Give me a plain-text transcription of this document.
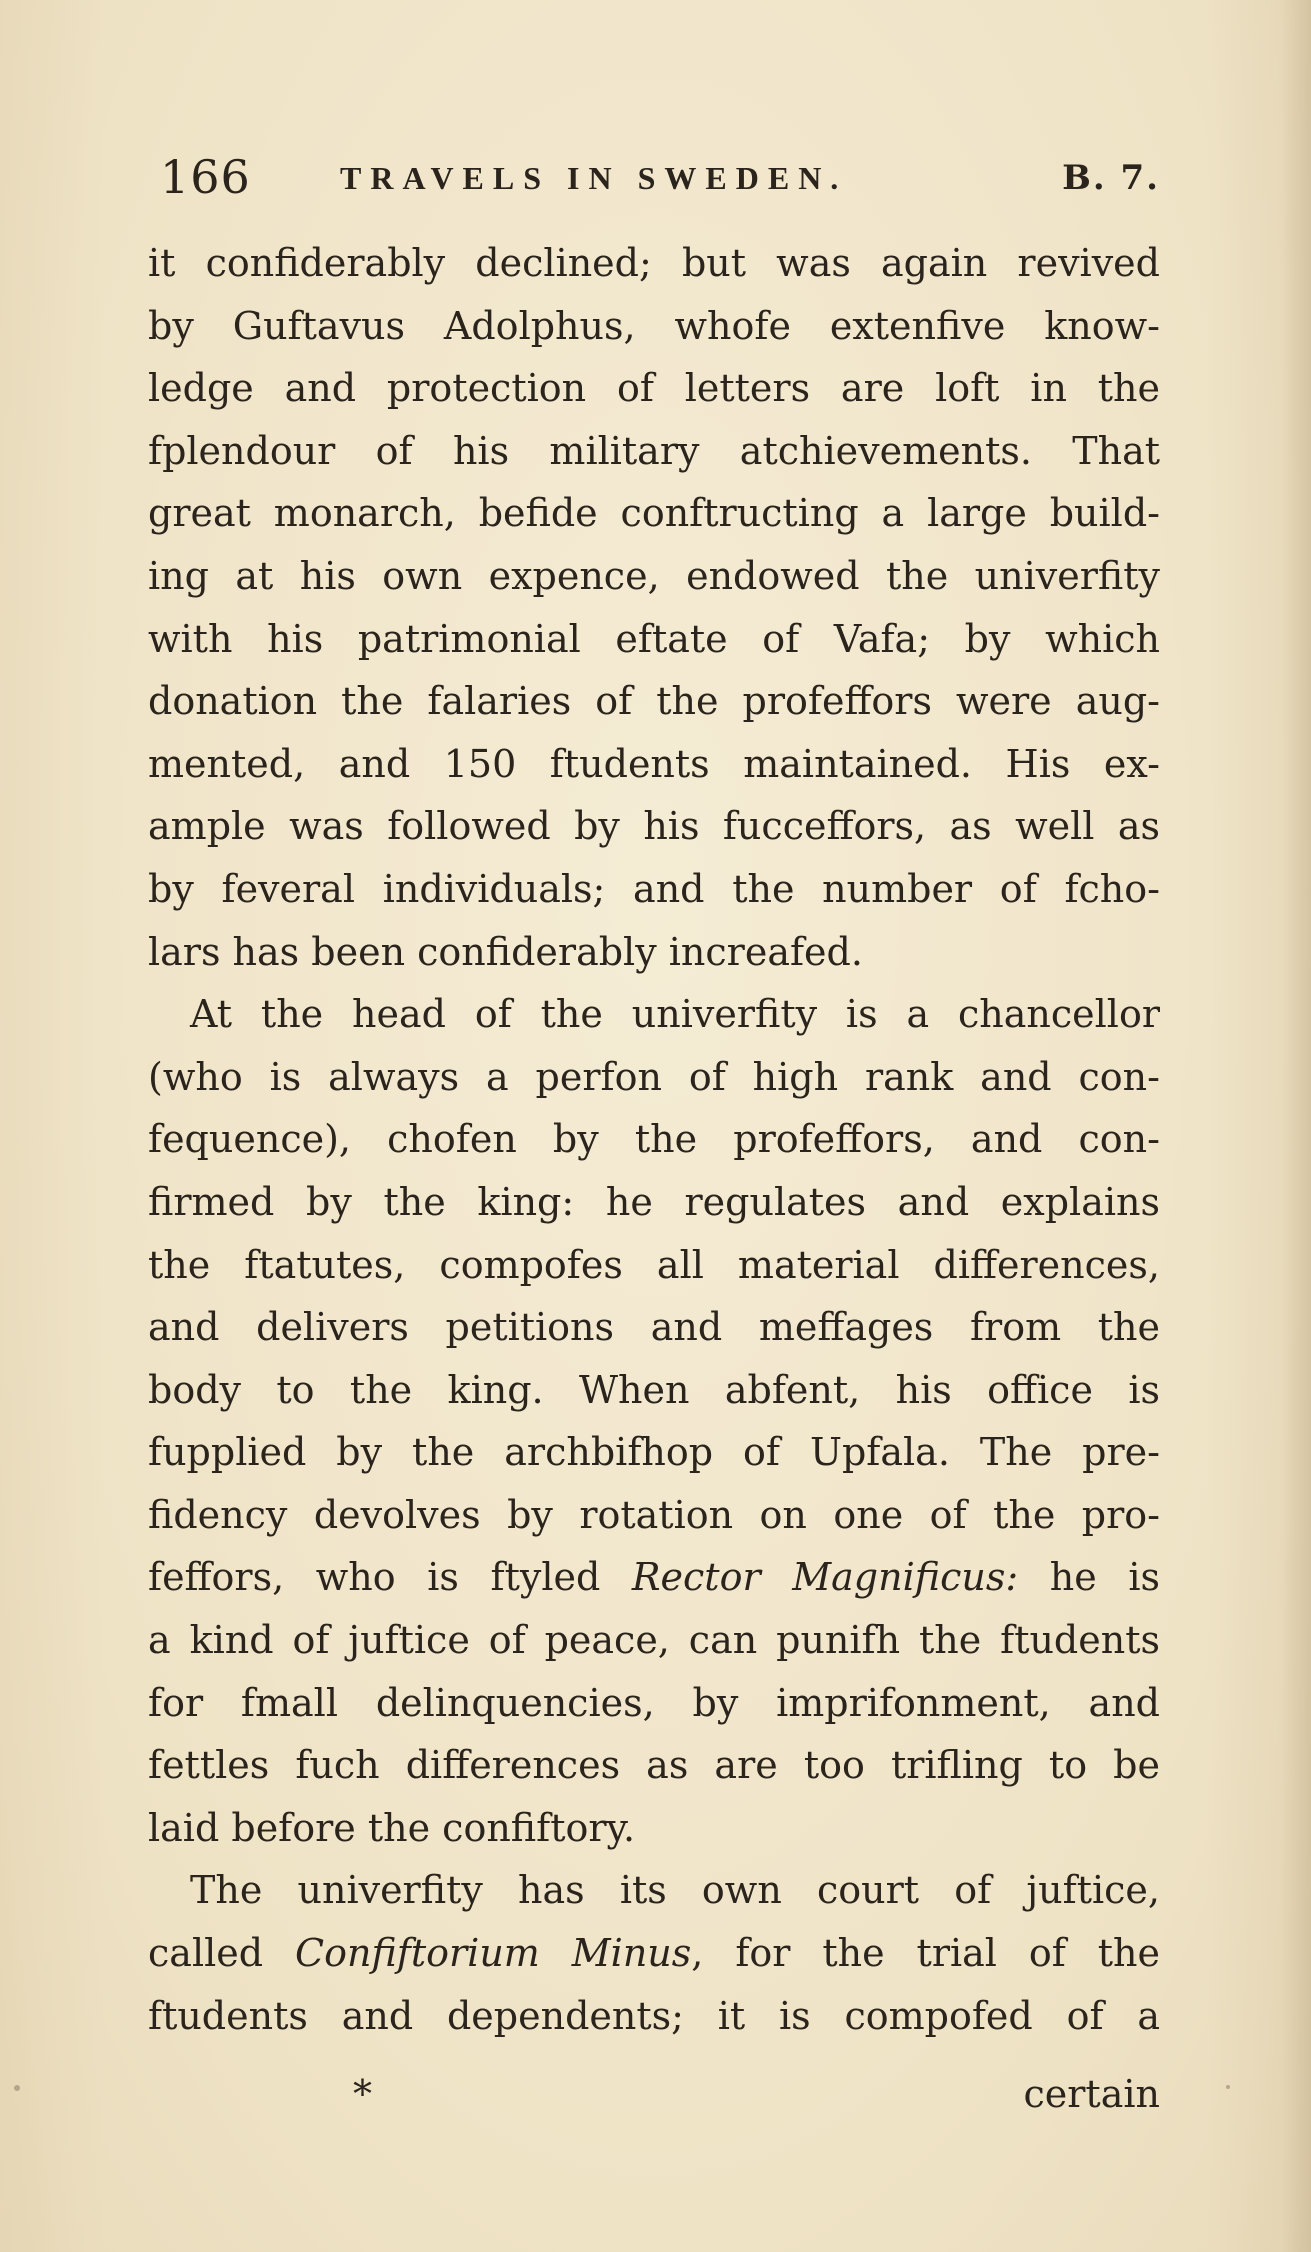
166	TRAVELS IN SWEDEN.	B. 7.
it confiderably declined; but was again revived
by Guftavus Adolphus, whofe extenfive know-
ledge and protection of letters are loft in the
fplendour of his military atchievements. That
great monarch, befide conftructing a large build-
ing at his own expence, endowed the univerfity
with his patrimonial eftate of Vafa; by which
donation the falaries of the profeffors were aug-
mented, and 150 ftudents maintained. His ex-
ample was followed by his fucceffors, as well as
by feveral individuals; and the number of fcho-
lars has been confiderably increafed.
At the head of the univerfity is a chancellor
(who is always a perfon of high rank and con-
fequence), chofen by the profeffors, and con-
firmed by the king: he regulates and explains
the ftatutes, compofes all material differences,
and delivers petitions and meffages from the
body to the king. When abfent, his office is
fupplied by the archbifhop of Upfala. The pre-
fidency devolves by rotation on one of the pro-
feffors, who is ftyled Rector Magnificus: he is
a kind of juftice of peace, can punifh the ftudents
for fmall delinquencies, by imprifonment, and
fettles fuch differences as are too trifling to be
laid before the confiftory.
The univerfity has its own court of juftice,
called Confiftorium Minus, for the trial of the
ftudents and dependents; it is compofed of a
*	certain
